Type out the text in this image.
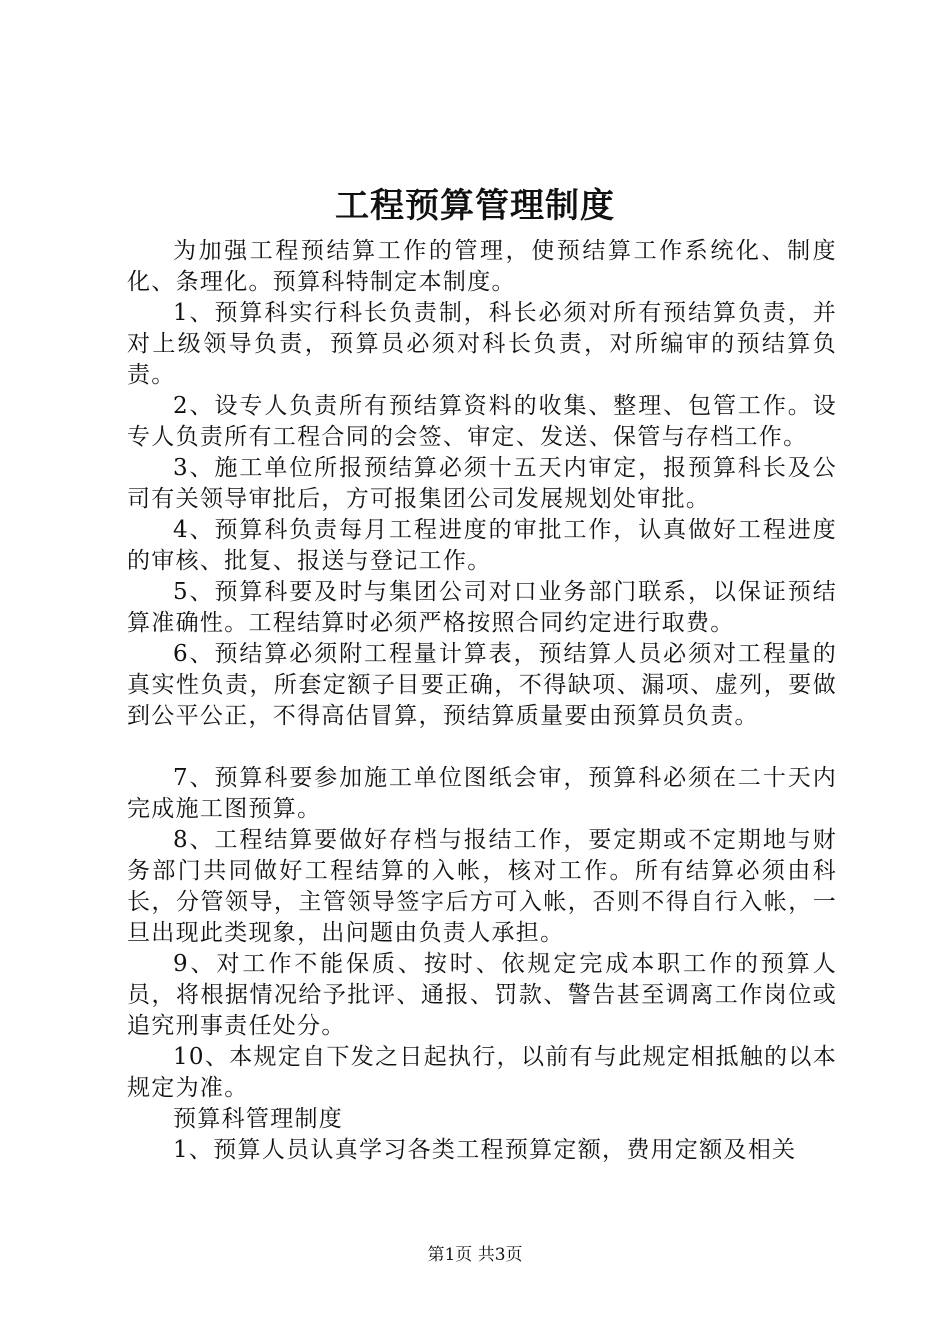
工程预算管理制度

为加强工程预结算工作的管理，使预结算工作系统化、制度化、条理化。预算科特制定本制度。

1、预算科实行科长负责制，科长必须对所有预结算负责，并对上级领导负责，预算员必须对科长负责，对所编审的预结算负责。

2、设专人负责所有预结算资料的收集、整理、包管工作。设专人负责所有工程合同的会签、审定、发送、保管与存档工作。

3、施工单位所报预结算必须十五天内审定，报预算科长及公司有关领导审批后，方可报集团公司发展规划处审批。

4、预算科负责每月工程进度的审批工作，认真做好工程进度的审核、批复、报送与登记工作。

5、预算科要及时与集团公司对口业务部门联系，以保证预结算准确性。工程结算时必须严格按照合同约定进行取费。

6、预结算必须附工程量计算表，预结算人员必须对工程量的真实性负责，所套定额子目要正确，不得缺项、漏项、虚列，要做到公平公正，不得高估冒算，预结算质量要由预算员负责。

7、预算科要参加施工单位图纸会审，预算科必须在二十天内完成施工图预算。

8、工程结算要做好存档与报结工作，要定期或不定期地与财务部门共同做好工程结算的入帐，核对工作。所有结算必须由科长，分管领导，主管领导签字后方可入帐，否则不得自行入帐，一旦出现此类现象，出问题由负责人承担。

9、对工作不能保质、按时、依规定完成本职工作的预算人员，将根据情况给予批评、通报、罚款、警告甚至调离工作岗位或追究刑事责任处分。

10、本规定自下发之日起执行，以前有与此规定相抵触的以本规定为准。

预算科管理制度

1、预算人员认真学习各类工程预算定额，费用定额及相关

第1页 共3页
